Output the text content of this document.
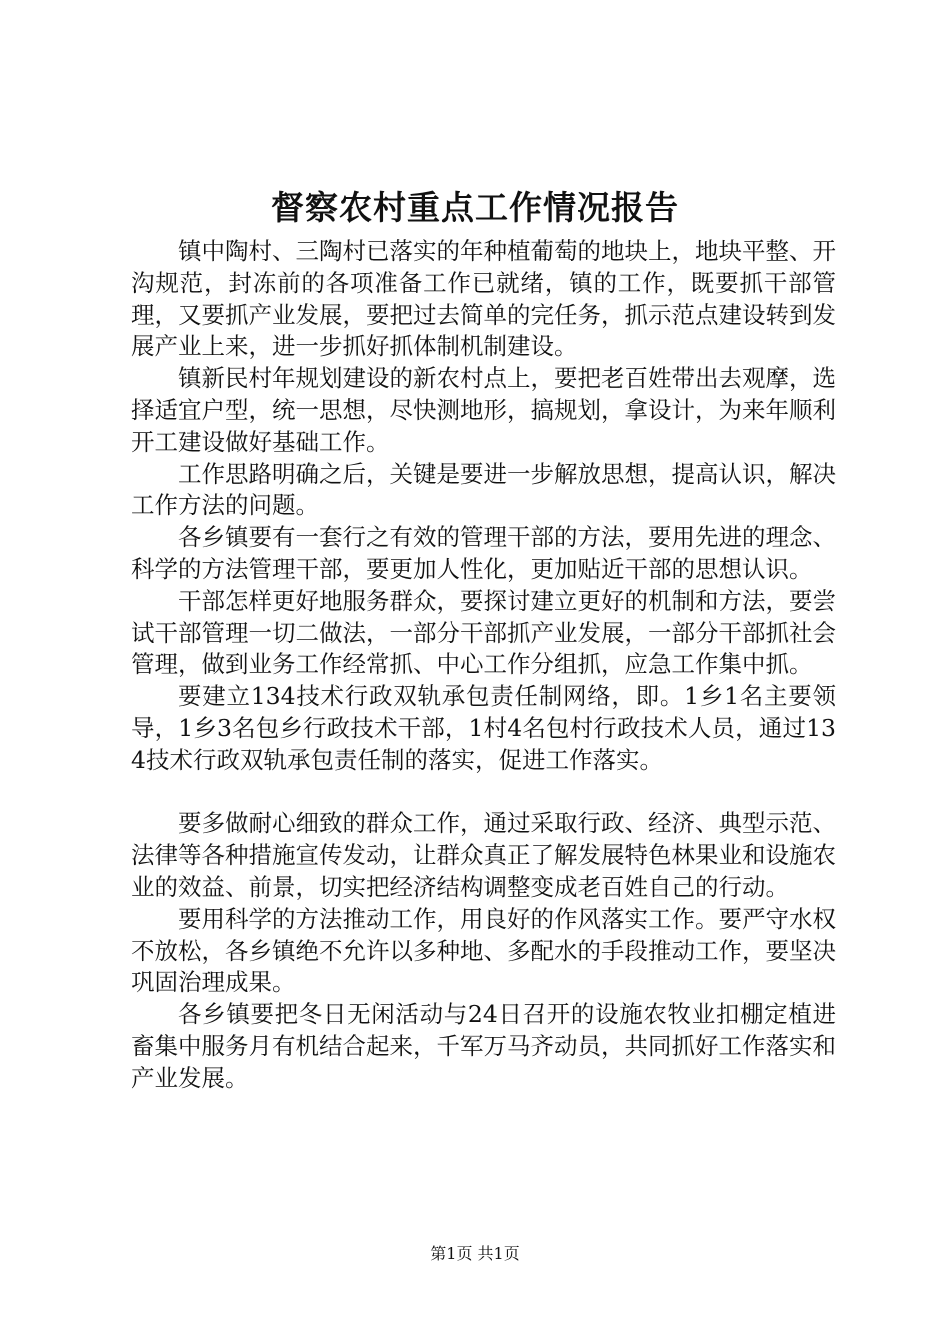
督察农村重点工作情况报告

镇中陶村、三陶村已落实的年种植葡萄的地块上，地块平整、开沟规范，封冻前的各项准备工作已就绪，镇的工作，既要抓干部管理，又要抓产业发展，要把过去简单的完任务，抓示范点建设转到发展产业上来，进一步抓好抓体制机制建设。

镇新民村年规划建设的新农村点上，要把老百姓带出去观摩，选择适宜户型，统一思想，尽快测地形，搞规划，拿设计，为来年顺利开工建设做好基础工作。

工作思路明确之后，关键是要进一步解放思想，提高认识，解决工作方法的问题。

各乡镇要有一套行之有效的管理干部的方法，要用先进的理念、科学的方法管理干部，要更加人性化，更加贴近干部的思想认识。

干部怎样更好地服务群众，要探讨建立更好的机制和方法，要尝试干部管理一切二做法，一部分干部抓产业发展，一部分干部抓社会管理，做到业务工作经常抓、中心工作分组抓，应急工作集中抓。

要建立134技术行政双轨承包责任制网络，即。1乡1名主要领导，1乡3名包乡行政技术干部，1村4名包村行政技术人员，通过134技术行政双轨承包责任制的落实，促进工作落实。

要多做耐心细致的群众工作，通过采取行政、经济、典型示范、法律等各种措施宣传发动，让群众真正了解发展特色林果业和设施农业的效益、前景，切实把经济结构调整变成老百姓自己的行动。

要用科学的方法推动工作，用良好的作风落实工作。要严守水权不放松，各乡镇绝不允许以多种地、多配水的手段推动工作，要坚决巩固治理成果。

各乡镇要把冬日无闲活动与24日召开的设施农牧业扣棚定植进畜集中服务月有机结合起来，千军万马齐动员，共同抓好工作落实和产业发展。

第1页 共1页
